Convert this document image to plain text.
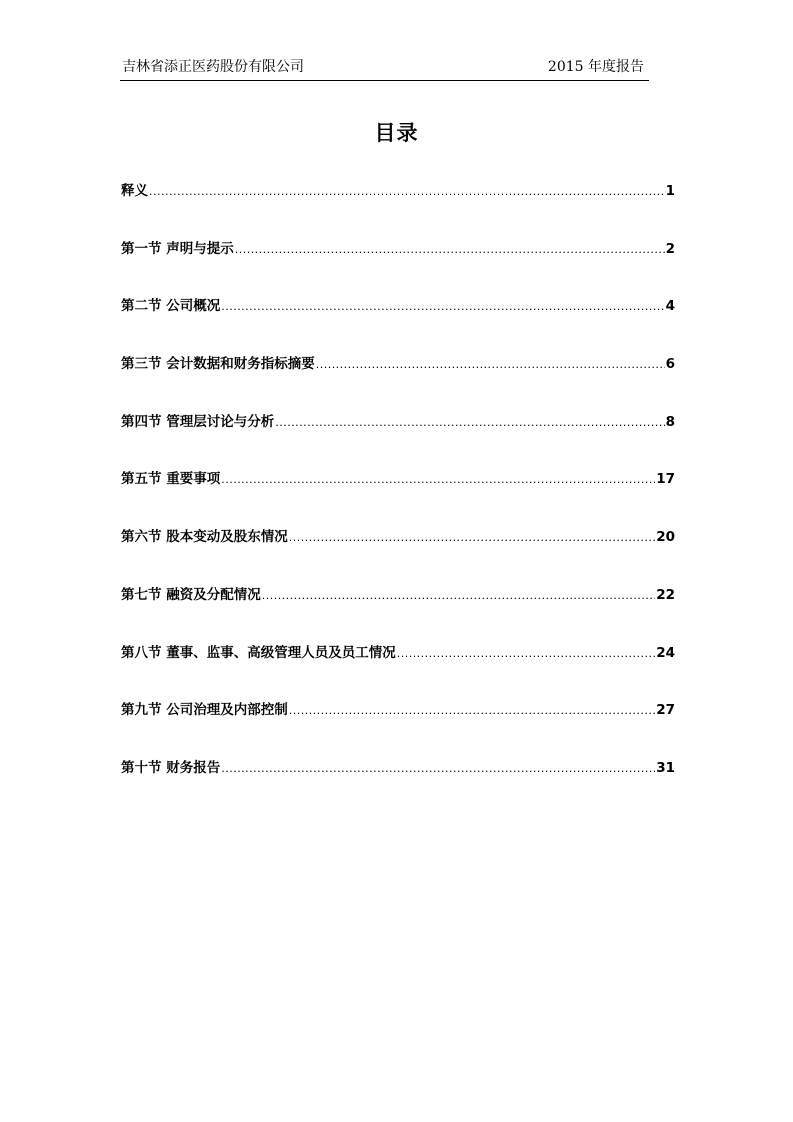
吉林省添正医药股份有限公司	2015 年度报告
目录
释义 .....	1
第一节 声明与提示 .....	2
第二节 公司概况 .....	4
第三节 会计数据和财务指标摘要 .....	6
第四节 管理层讨论与分析 .....	8
第五节 重要事项 .....	17
第六节 股本变动及股东情况 .....	20
第七节 融资及分配情况 .....	22
第八节 董事、监事、高级管理人员及员工情况 .....	24
第九节 公司治理及内部控制 .....	27
第十节 财务报告 .....	31
